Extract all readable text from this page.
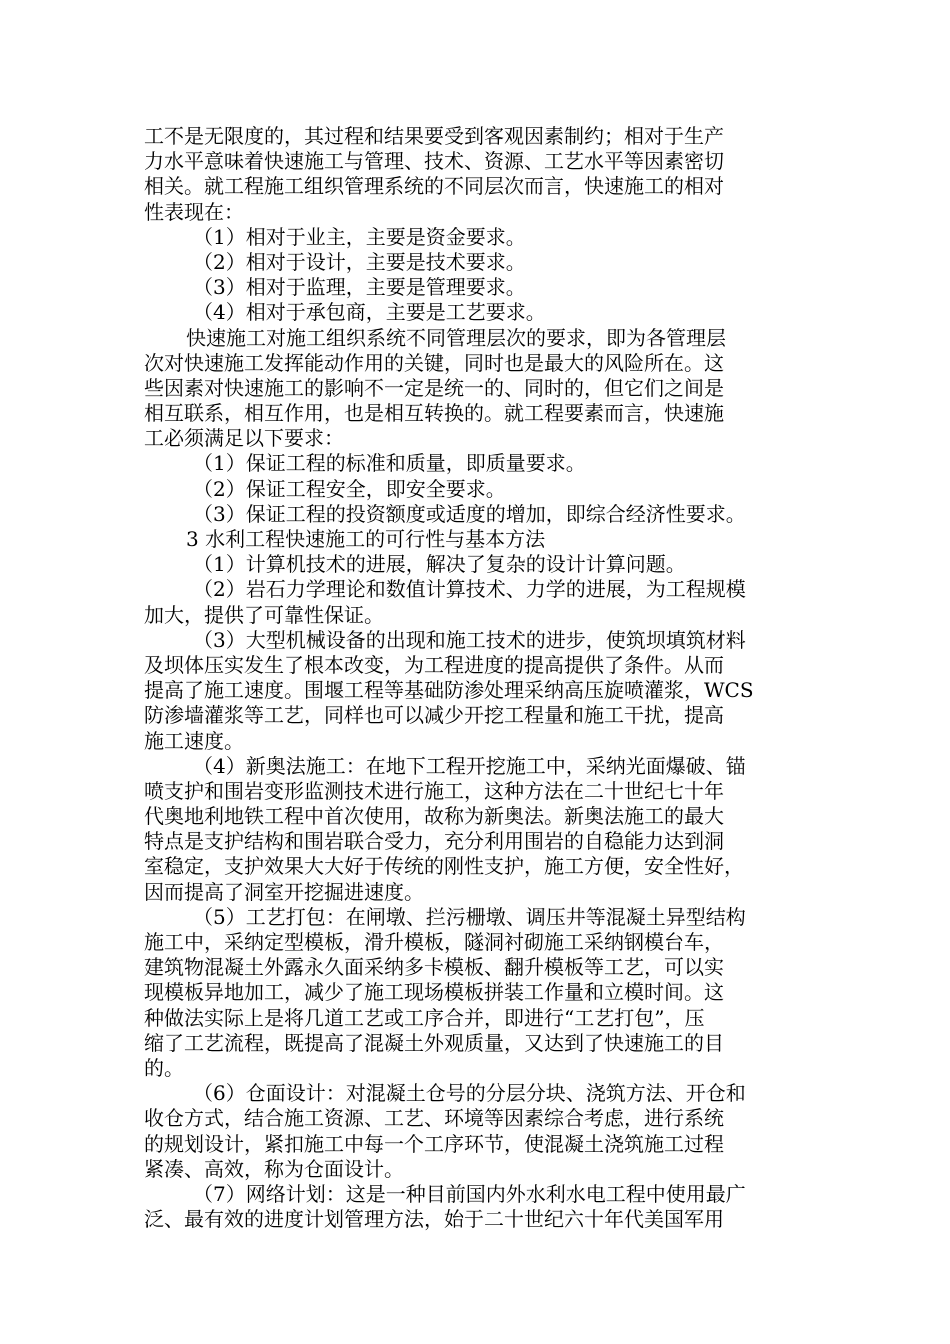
工不是无限度的，其过程和结果要受到客观因素制约；相对于生产
力水平意味着快速施工与管理、技术、资源、工艺水平等因素密切
相关。就工程施工组织管理系统的不同层次而言，快速施工的相对
性表现在：
（1）相对于业主，主要是资金要求。
（2）相对于设计，主要是技术要求。
（3）相对于监理，主要是管理要求。
（4）相对于承包商，主要是工艺要求。
快速施工对施工组织系统不同管理层次的要求，即为各管理层
次对快速施工发挥能动作用的关键，同时也是最大的风险所在。这
些因素对快速施工的影响不一定是统一的、同时的，但它们之间是
相互联系，相互作用，也是相互转换的。就工程要素而言，快速施
工必须满足以下要求：
（1）保证工程的标准和质量，即质量要求。
（2）保证工程安全，即安全要求。
（3）保证工程的投资额度或适度的增加，即综合经济性要求。
3 水利工程快速施工的可行性与基本方法
（1）计算机技术的进展，解决了复杂的设计计算问题。
（2）岩石力学理论和数值计算技术、力学的进展，为工程规模
加大，提供了可靠性保证。
（3）大型机械设备的出现和施工技术的进步，使筑坝填筑材料
及坝体压实发生了根本改变，为工程进度的提高提供了条件。从而
提高了施工速度。围堰工程等基础防渗处理采纳高压旋喷灌浆，WCS
防渗墙灌浆等工艺，同样也可以减少开挖工程量和施工干扰，提高
施工速度。
（4）新奥法施工：在地下工程开挖施工中，采纳光面爆破、锚
喷支护和围岩变形监测技术进行施工，这种方法在二十世纪七十年
代奥地利地铁工程中首次使用，故称为新奥法。新奥法施工的最大
特点是支护结构和围岩联合受力，充分利用围岩的自稳能力达到洞
室稳定，支护效果大大好于传统的刚性支护，施工方便，安全性好，
因而提高了洞室开挖掘进速度。
（5）工艺打包：在闸墩、拦污栅墩、调压井等混凝土异型结构
施工中，采纳定型模板，滑升模板，隧洞衬砌施工采纳钢模台车，
建筑物混凝土外露永久面采纳多卡模板、翻升模板等工艺，可以实
现模板异地加工，减少了施工现场模板拼装工作量和立模时间。这
种做法实际上是将几道工艺或工序合并，即进行“工艺打包”，压
缩了工艺流程，既提高了混凝土外观质量，又达到了快速施工的目
的。
（6）仓面设计：对混凝土仓号的分层分块、浇筑方法、开仓和
收仓方式，结合施工资源、工艺、环境等因素综合考虑，进行系统
的规划设计，紧扣施工中每一个工序环节，使混凝土浇筑施工过程
紧凑、高效，称为仓面设计。
（7）网络计划：这是一种目前国内外水利水电工程中使用最广
泛、最有效的进度计划管理方法，始于二十世纪六十年代美国军用
